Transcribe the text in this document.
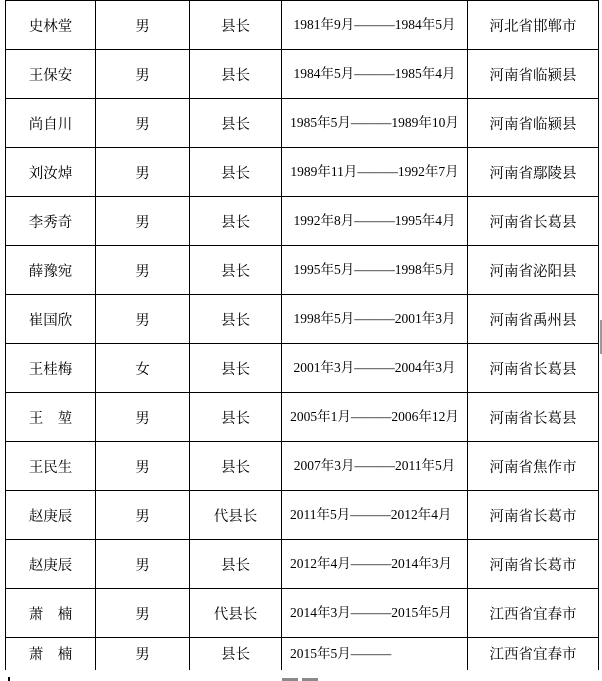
史林堂	男	县长	1981年9月———1984年5月	河北省邯郸市
王保安	男	县长	1984年5月———1985年4月	河南省临颍县
尚自川	男	县长	1985年5月———1989年10月	河南省临颍县
刘汝焯	男	县长	1989年11月———1992年7月	河南省鄢陵县
李秀奇	男	县长	1992年8月———1995年4月	河南省长葛县
薛豫宛	男	县长	1995年5月———1998年5月	河南省泌阳县
崔国欣	男	县长	1998年5月———2001年3月	河南省禹州县
王桂梅	女	县长	2001年3月———2004年3月	河南省长葛县
王　堃	男	县长	2005年1月———2006年12月	河南省长葛县
王民生	男	县长	2007年3月———2011年5月	河南省焦作市
赵庚辰	男	代县长	2011年5月———2012年4月	河南省长葛市
赵庚辰	男	县长	2012年4月———2014年3月	河南省长葛市
萧　楠	男	代县长	2014年3月———2015年5月	江西省宜春市
萧　楠	男	县长	2015年5月———	江西省宜春市
